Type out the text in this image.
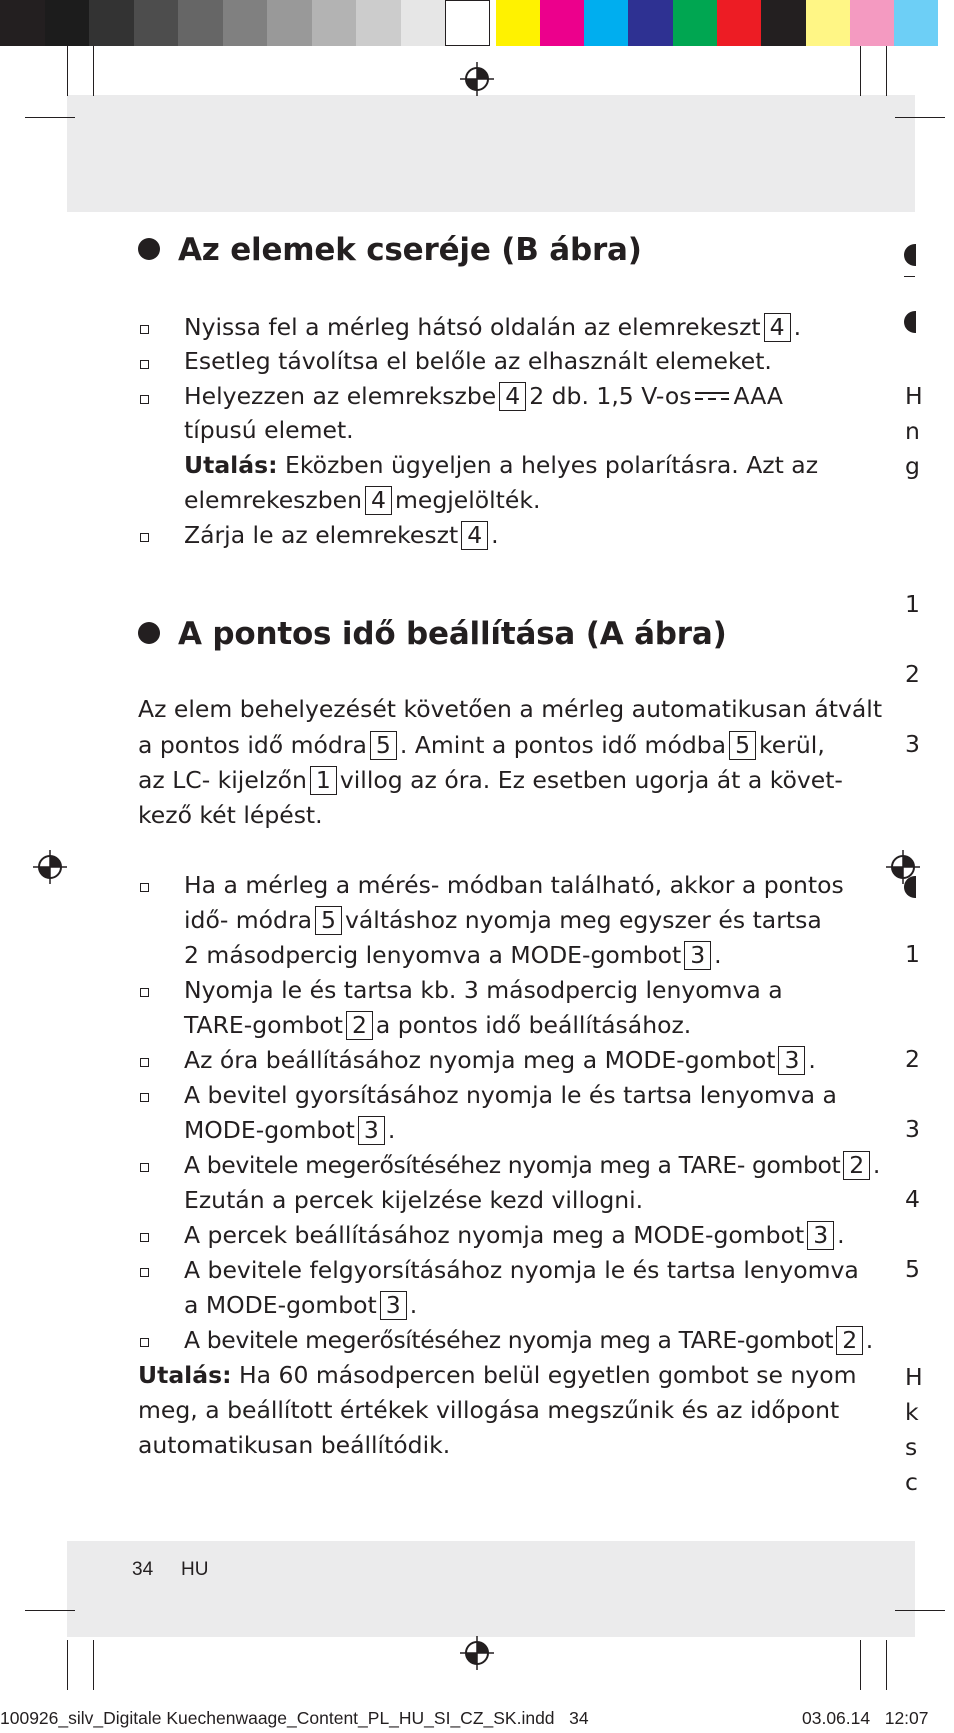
Az elemek cseréje (B ábra)
Nyissa fel a mérleg hátsó oldalán az elemrekeszt 4 .
Esetleg távolítsa el belőle az elhasznált elemeket.
Helyezzen az elemrekszbe 4 2 db. 1,5 V-os AAA
típusú elemet.
Utalás: Eközben ügyeljen a helyes polarításra. Azt az
elemrekeszben 4 megjelölték.
Zárja le az elemrekeszt 4 .
A pontos idő beállítása (A ábra)
Az elem behelyezését követően a mérleg automatikusan átvált
a pontos idő módra 5 . Amint a pontos idő módba 5 kerül,
az LC- kijelzőn 1 villog az óra. Ez esetben ugorja át a követ-
kező két lépést.
Ha a mérleg a mérés- módban található, akkor a pontos
idő- módra 5 váltáshoz nyomja meg egyszer és tartsa
2 másodpercig lenyomva a MODE-gombot 3 .
Nyomja le és tartsa kb. 3 másodpercig lenyomva a
TARE-gombot 2 a pontos idő beállításához.
Az óra beállításához nyomja meg a MODE-gombot 3 .
A bevitel gyorsításához nyomja le és tartsa lenyomva a
MODE-gombot 3 .
A bevitele megerősítéséhez nyomja meg a TARE- gombot 2 .
Ezután a percek kijelzése kezd villogni.
A percek beállításához nyomja meg a MODE-gombot 3 .
A bevitele felgyorsításához nyomja le és tartsa lenyomva
a MODE-gombot 3 .
A bevitele megerősítéséhez nyomja meg a TARE-gombot 2 .
Utalás: Ha 60 másodpercen belül egyetlen gombot se nyom
meg, a beállított értékek villogása megszűnik és az időpont
automatikusan beállítódik.
H
n
g
1
2
3
1
2
3
4
5
H
k
s
c
34 HU
100926_silv_Digitale Kuechenwaage_Content_PL_HU_SI_CZ_SK.indd 34	03.06.14 12:07
